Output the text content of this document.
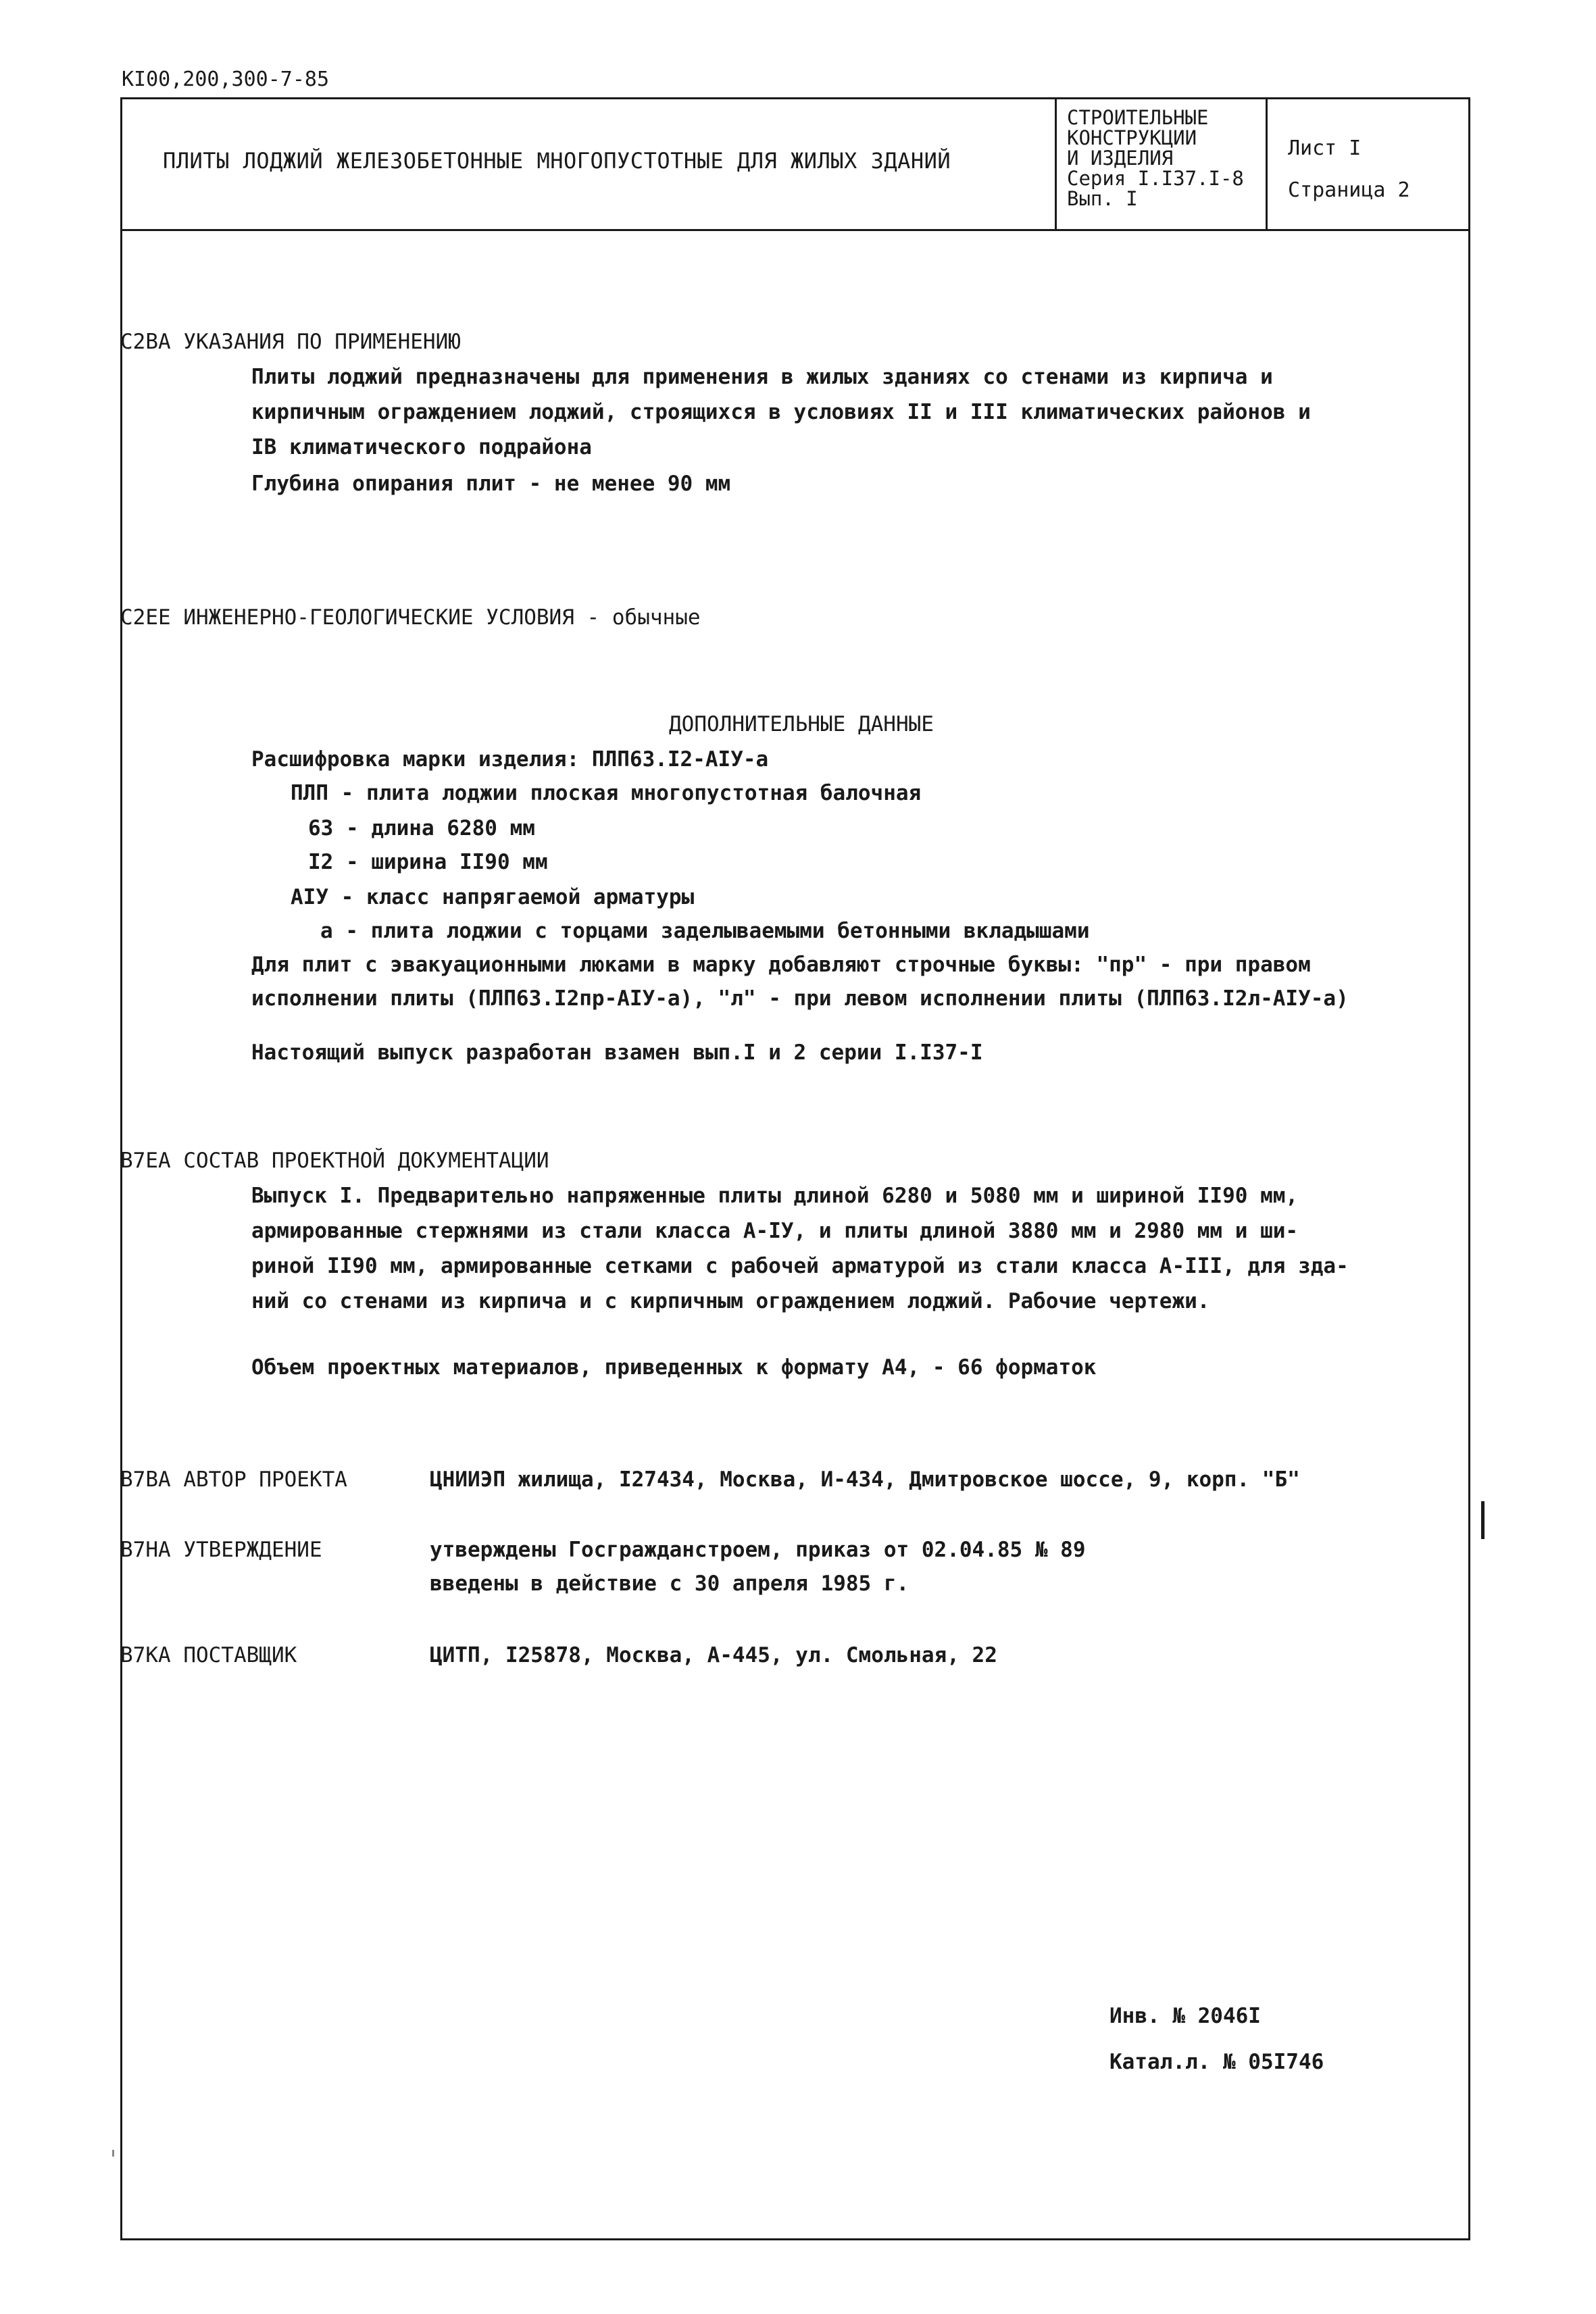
КI00,200,300-7-85
ПЛИТЫ ЛОДЖИЙ ЖЕЛЕЗОБЕТОННЫЕ МНОГОПУСТОТНЫЕ ДЛЯ ЖИЛЫХ ЗДАНИЙ
СТРОИТЕЛЬНЫЕ
КОНСТРУКЦИИ
И ИЗДЕЛИЯ
Серия I.I37.I-8
Вып. I
Лист I
Страница 2
С2ВА УКАЗАНИЯ ПО ПРИМЕНЕНИЮ
Плиты лоджий предназначены для применения в жилых зданиях со стенами из кирпича и
кирпичным ограждением лоджий, строящихся в условиях II и III климатических районов и
IВ климатического подрайона
Глубина опирания плит - не менее 90 мм
С2ЕЕ ИНЖЕНЕРНО-ГЕОЛОГИЧЕСКИЕ УСЛОВИЯ - обычные
ДОПОЛНИТЕЛЬНЫЕ ДАННЫЕ
Расшифровка марки изделия: ПЛП63.I2-АIУ-а
ПЛП - плита лоджии плоская многопустотная балочная
63 - длина 6280 мм
I2 - ширина II90 мм
АIУ - класс напрягаемой арматуры
а - плита лоджии с торцами заделываемыми бетонными вкладышами
Для плит с эвакуационными люками в марку добавляют строчные буквы: "пр" - при правом
исполнении плиты (ПЛП63.I2пр-АIУ-а), "л" - при левом исполнении плиты (ПЛП63.I2л-АIУ-а)
Настоящий выпуск разработан взамен вып.I и 2 серии I.I37-I
В7ЕА СОСТАВ ПРОЕКТНОЙ ДОКУМЕНТАЦИИ
Выпуск I. Предварительно напряженные плиты длиной 6280 и 5080 мм и шириной II90 мм,
армированные стержнями из стали класса А-IУ, и плиты длиной 3880 мм и 2980 мм и ши-
риной II90 мм, армированные сетками с рабочей арматурой из стали класса А-III, для зда-
ний со стенами из кирпича и с кирпичным ограждением лоджий. Рабочие чертежи.
Объем проектных материалов, приведенных к формату А4, - 66 форматок
В7ВА АВТОР ПРОЕКТА	ЦНИИЭП жилища, I27434, Москва, И-434, Дмитровское шоссе, 9, корп. "Б"
В7НА УТВЕРЖДЕНИЕ	утверждены Госгражданстроем, приказ от 02.04.85 № 89
введены в действие с 30 апреля 1985 г.
В7КА ПОСТАВЩИК	ЦИТП, I25878, Москва, А-445, ул. Смольная, 22
Инв. № 2046I
Катал.л. № 05I746
